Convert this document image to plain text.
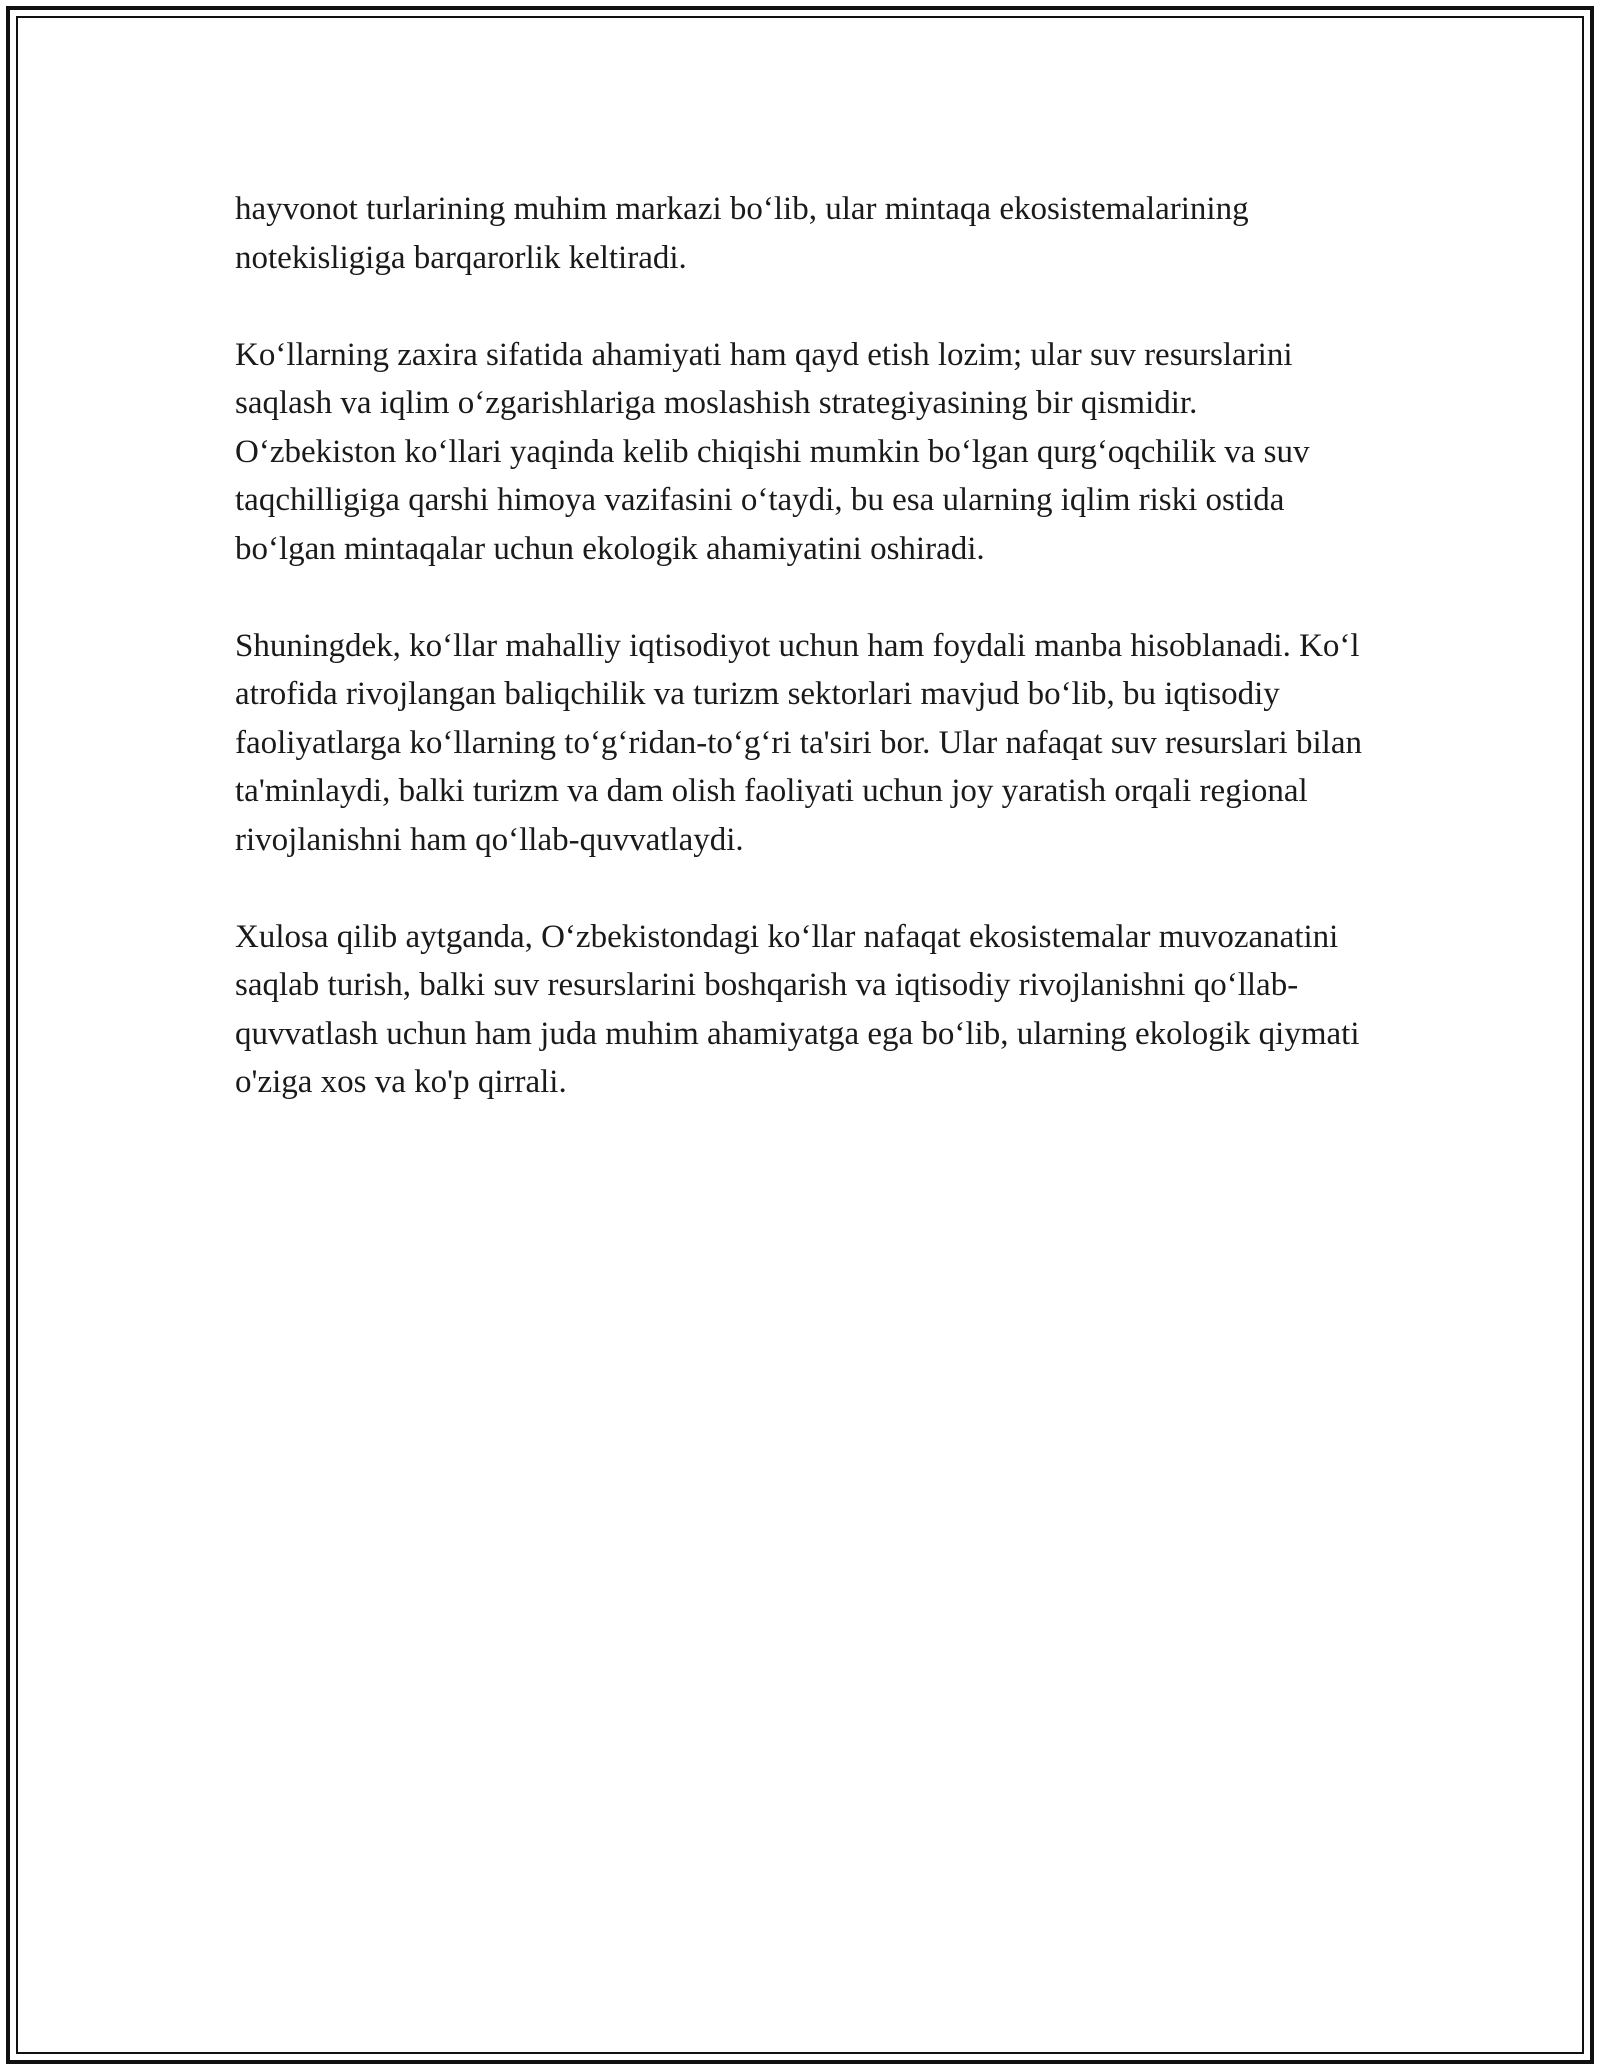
hayvonot turlarining muhim markazi bo‘lib, ular mintaqa ekosistemalarining notekisligiga barqarorlik keltiradi.

Ko‘llarning zaxira sifatida ahamiyati ham qayd etish lozim; ular suv resurslarini saqlash va iqlim o‘zgarishlariga moslashish strategiyasining bir qismidir. O‘zbekiston ko‘llari yaqinda kelib chiqishi mumkin bo‘lgan qurg‘oqchilik va suv taqchilligiga qarshi himoya vazifasini o‘taydi, bu esa ularning iqlim riski ostida bo‘lgan mintaqalar uchun ekologik ahamiyatini oshiradi.

Shuningdek, ko‘llar mahalliy iqtisodiyot uchun ham foydali manba hisoblanadi. Ko‘l atrofida rivojlangan baliqchilik va turizm sektorlari mavjud bo‘lib, bu iqtisodiy faoliyatlarga ko‘llarning to‘g‘ridan-to‘g‘ri ta'siri bor. Ular nafaqat suv resurslari bilan ta'minlaydi, balki turizm va dam olish faoliyati uchun joy yaratish orqali regional rivojlanishni ham qo‘llab-quvvatlaydi.

Xulosa qilib aytganda, O‘zbekistondagi ko‘llar nafaqat ekosistemalar muvozanatini saqlab turish, balki suv resurslarini boshqarish va iqtisodiy rivojlanishni qo‘llab-quvvatlash uchun ham juda muhim ahamiyatga ega bo‘lib, ularning ekologik qiymati o'ziga xos va ko'p qirrali.
